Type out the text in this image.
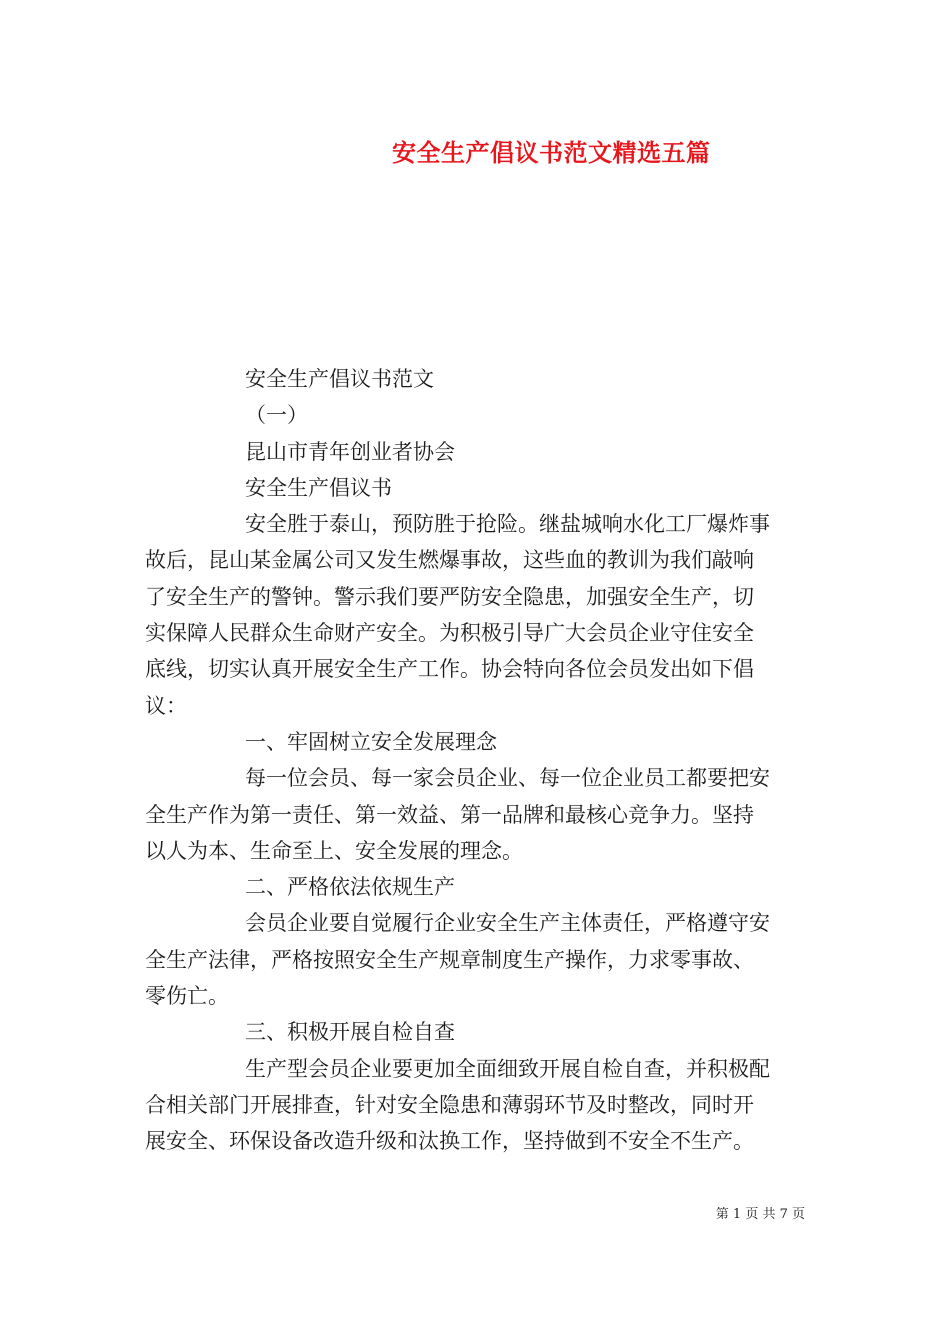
安全生产倡议书范文精选五篇

安全生产倡议书范文

（一）

昆山市青年创业者协会

安全生产倡议书

安全胜于泰山，预防胜于抢险。继盐城响水化工厂爆炸事

故后，昆山某金属公司又发生燃爆事故，这些血的教训为我们敲响

了安全生产的警钟。警示我们要严防安全隐患，加强安全生产，切

实保障人民群众生命财产安全。为积极引导广大会员企业守住安全

底线，切实认真开展安全生产工作。协会特向各位会员发出如下倡

议：

一、牢固树立安全发展理念

每一位会员、每一家会员企业、每一位企业员工都要把安

全生产作为第一责任、第一效益、第一品牌和最核心竞争力。坚持

以人为本、生命至上、安全发展的理念。

二、严格依法依规生产

会员企业要自觉履行企业安全生产主体责任，严格遵守安

全生产法律，严格按照安全生产规章制度生产操作，力求零事故、

零伤亡。

三、积极开展自检自查

生产型会员企业要更加全面细致开展自检自查，并积极配

合相关部门开展排查，针对安全隐患和薄弱环节及时整改，同时开

展安全、环保设备改造升级和汰换工作，坚持做到不安全不生产。

第 1 页 共 7 页
